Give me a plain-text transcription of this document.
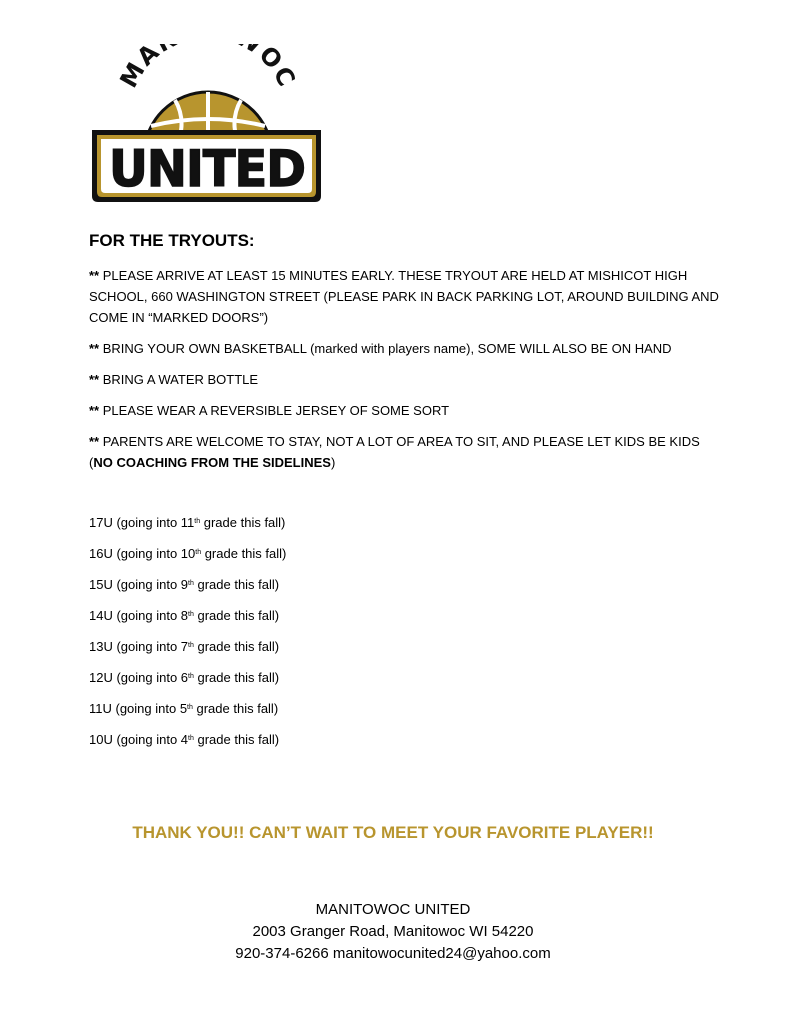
MA OC
UNITED
FOR THE TRYOUTS:

** PLEASE ARRIVE AT LEAST 15 MINUTES EARLY. THESE TRYOUT ARE HELD AT MISHICOT HIGH SCHOOL, 660 WASHINGTON STREET (PLEASE PARK IN BACK PARKING LOT, AROUND BUILDING AND COME IN “MARKED DOORS”)

** BRING YOUR OWN BASKETBALL (marked with players name), SOME WILL ALSO BE ON HAND

** BRING A WATER BOTTLE

** PLEASE WEAR A REVERSIBLE JERSEY OF SOME SORT

** PARENTS ARE WELCOME TO STAY, NOT A LOT OF AREA TO SIT, AND PLEASE LET KIDS BE KIDS
(NO COACHING FROM THE SIDELINES)

17U (going into 11th grade this fall)
16U (going into 10th grade this fall)
15U (going into 9th grade this fall)
14U (going into 8th grade this fall)
13U (going into 7th grade this fall)
12U (going into 6th grade this fall)
11U (going into 5th grade this fall)
10U (going into 4th grade this fall)
THANK YOU!! CAN’T WAIT TO MEET YOUR FAVORITE PLAYER!!
MANITOWOC UNITED
2003 Granger Road, Manitowoc WI 54220
920-374-6266 manitowocunited24@yahoo.com
